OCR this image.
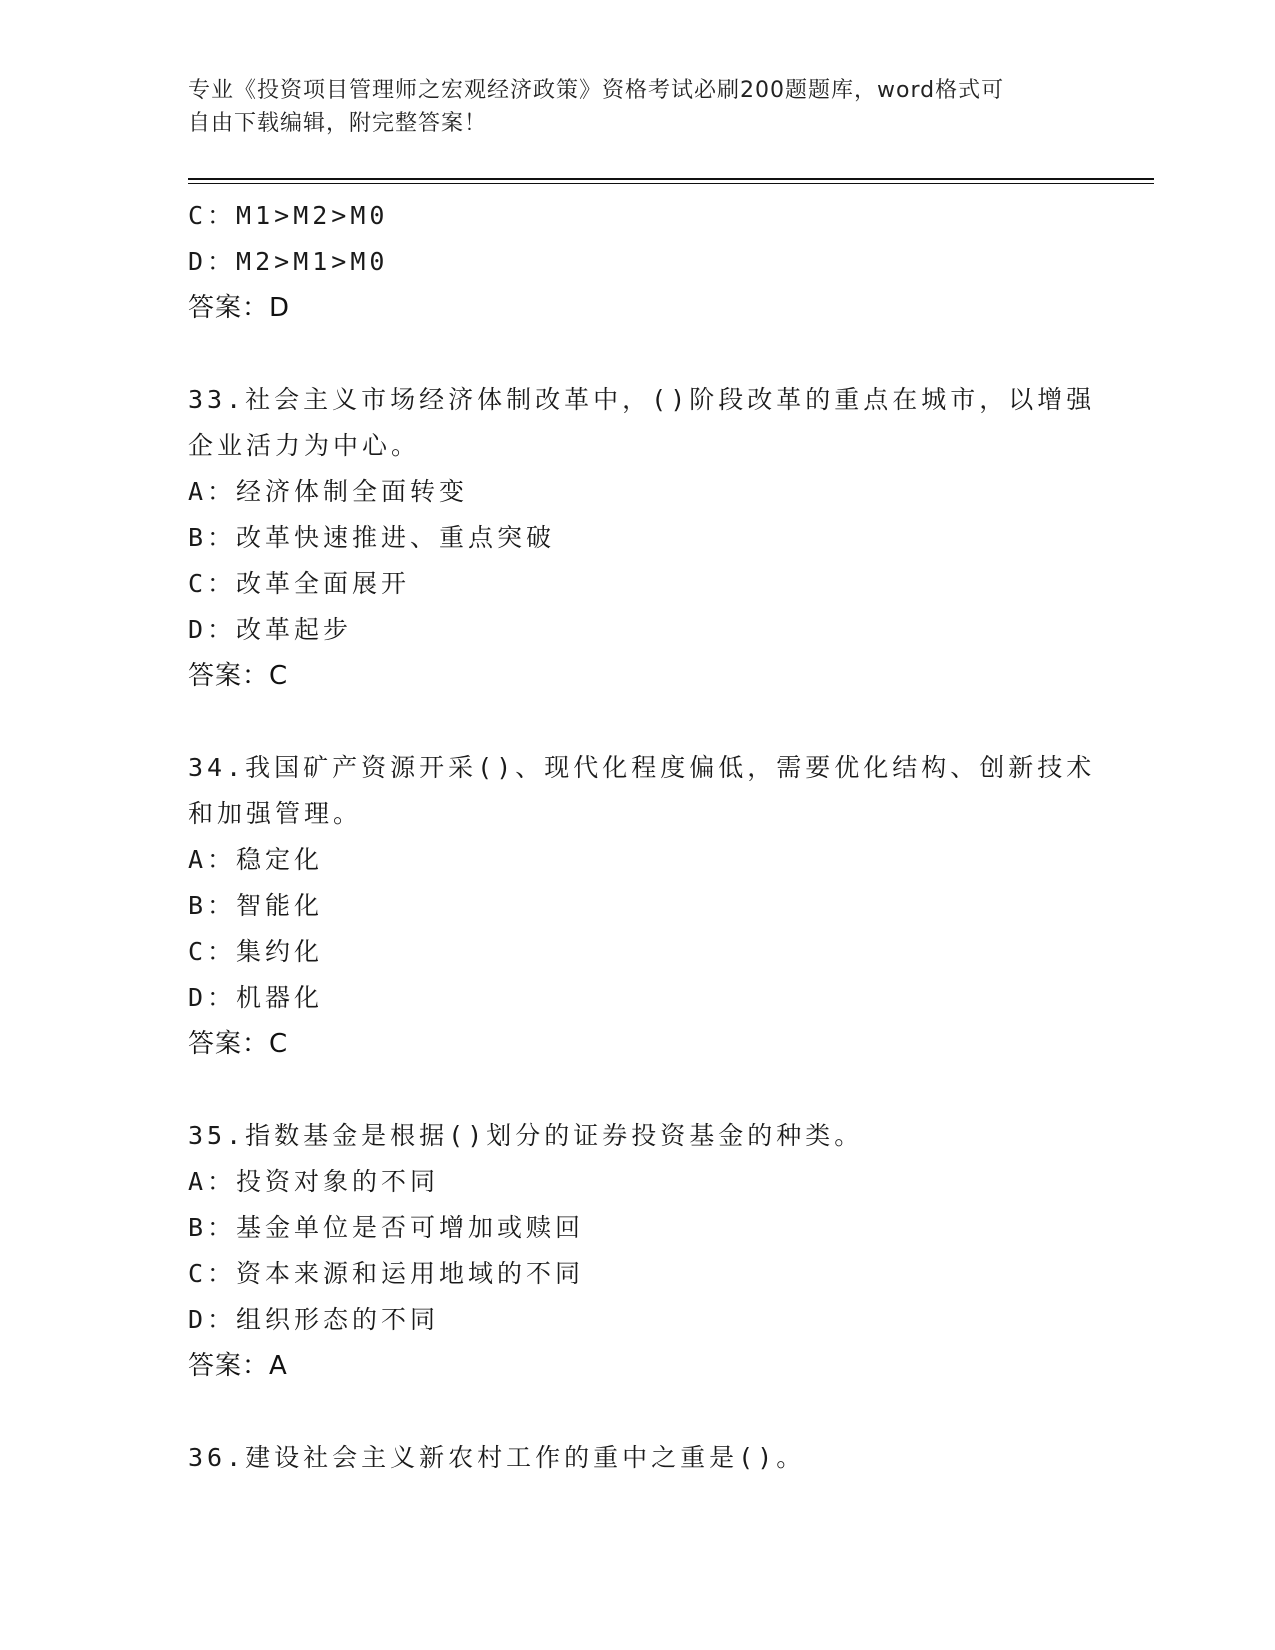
专业《投资项目管理师之宏观经济政策》资格考试必刷200题题库，word格式可
自由下载编辑，附完整答案！
C：M1>M2>M0
D：M2>M1>M0
答案：D
33.社会主义市场经济体制改革中，()阶段改革的重点在城市，以增强
企业活力为中心。
A：经济体制全面转变
B：改革快速推进、重点突破
C：改革全面展开
D：改革起步
答案：C
34.我国矿产资源开采()、现代化程度偏低，需要优化结构、创新技术
和加强管理。
A：稳定化
B：智能化
C：集约化
D：机器化
答案：C
35.指数基金是根据()划分的证券投资基金的种类。
A：投资对象的不同
B：基金单位是否可增加或赎回
C：资本来源和运用地域的不同
D：组织形态的不同
答案：A
36.建设社会主义新农村工作的重中之重是()。
